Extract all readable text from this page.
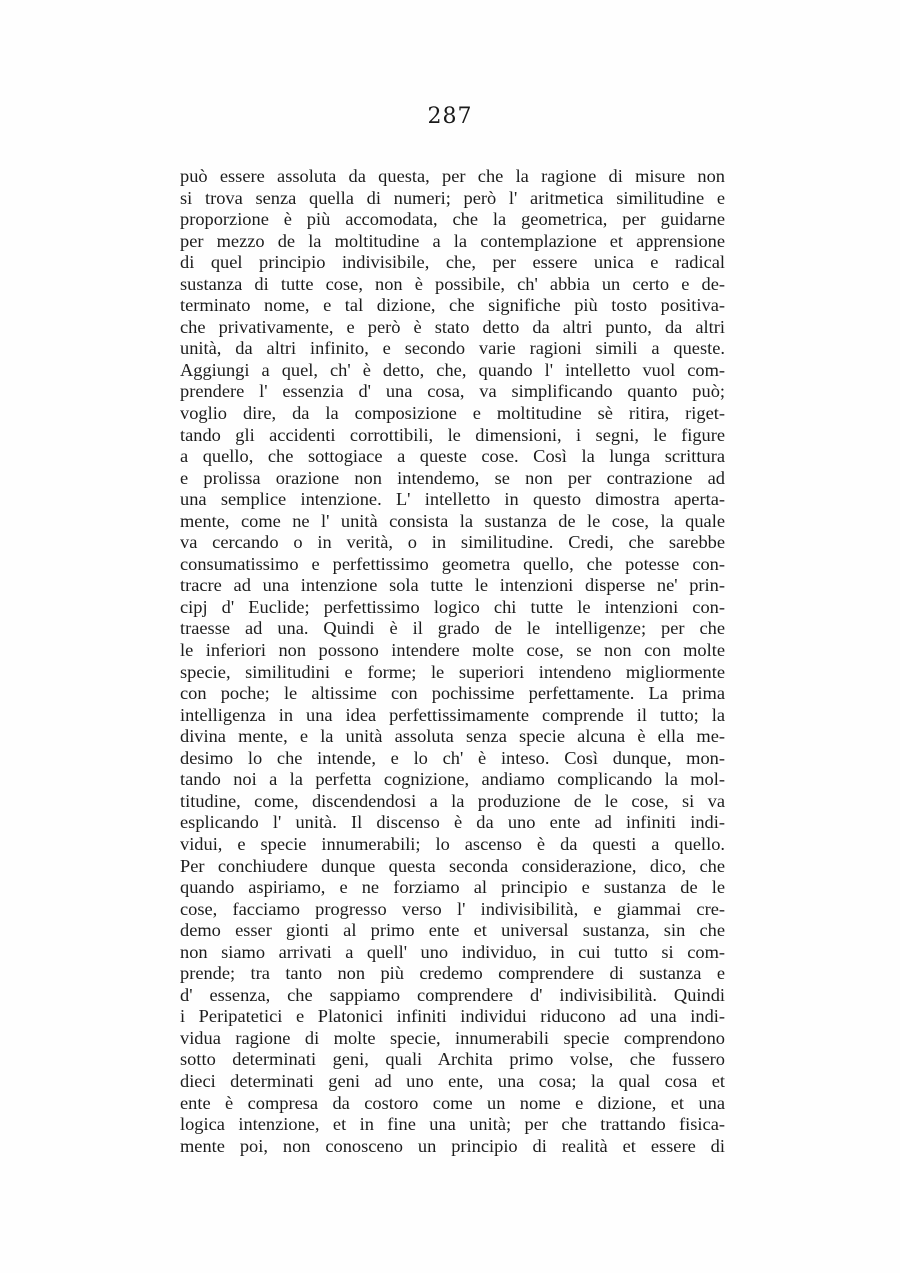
287
può essere assoluta da questa, per che la ragione di misure non
si trova senza quella di numeri; però l' aritmetica similitudine e
proporzione è più accomodata, che la geometrica, per guidarne
per mezzo de la moltitudine a la contemplazione et apprensione
di quel principio indivisibile, che, per essere unica e radical
sustanza di tutte cose, non è possibile, ch' abbia un certo e de-
terminato nome, e tal dizione, che significhe più tosto positiva-
che privativamente, e però è stato detto da altri punto, da altri
unità, da altri infinito, e secondo varie ragioni simili a queste.
Aggiungi a quel, ch' è detto, che, quando l' intelletto vuol com-
prendere l' essenzia d' una cosa, va simplificando quanto può;
voglio dire, da la composizione e moltitudine sè ritira, riget-
tando gli accidenti corrottibili, le dimensioni, i segni, le figure
a quello, che sottogiace a queste cose. Così la lunga scrittura
e prolissa orazione non intendemo, se non per contrazione ad
una semplice intenzione. L' intelletto in questo dimostra aperta-
mente, come ne l' unità consista la sustanza de le cose, la quale
va cercando o in verità, o in similitudine. Credi, che sarebbe
consumatissimo e perfettissimo geometra quello, che potesse con-
tracre ad una intenzione sola tutte le intenzioni disperse ne' prin-
cipj d' Euclide; perfettissimo logico chi tutte le intenzioni con-
traesse ad una. Quindi è il grado de le intelligenze; per che
le inferiori non possono intendere molte cose, se non con molte
specie, similitudini e forme; le superiori intendeno migliormente
con poche; le altissime con pochissime perfettamente. La prima
intelligenza in una idea perfettissimamente comprende il tutto; la
divina mente, e la unità assoluta senza specie alcuna è ella me-
desimo lo che intende, e lo ch' è inteso. Così dunque, mon-
tando noi a la perfetta cognizione, andiamo complicando la mol-
titudine, come, discendendosi a la produzione de le cose, si va
esplicando l' unità. Il discenso è da uno ente ad infiniti indi-
vidui, e specie innumerabili; lo ascenso è da questi a quello.
Per conchiudere dunque questa seconda considerazione, dico, che
quando aspiriamo, e ne forziamo al principio e sustanza de le
cose, facciamo progresso verso l' indivisibilità, e giammai cre-
demo esser gionti al primo ente et universal sustanza, sin che
non siamo arrivati a quell' uno individuo, in cui tutto si com-
prende; tra tanto non più credemo comprendere di sustanza e
d' essenza, che sappiamo comprendere d' indivisibilità. Quindi
i Peripatetici e Platonici infiniti individui riducono ad una indi-
vidua ragione di molte specie, innumerabili specie comprendono
sotto determinati geni, quali Archita primo volse, che fussero
dieci determinati geni ad uno ente, una cosa; la qual cosa et
ente è compresa da costoro come un nome e dizione, et una
logica intenzione, et in fine una unità; per che trattando fisica-
mente poi, non conosceno un principio di realità et essere di
